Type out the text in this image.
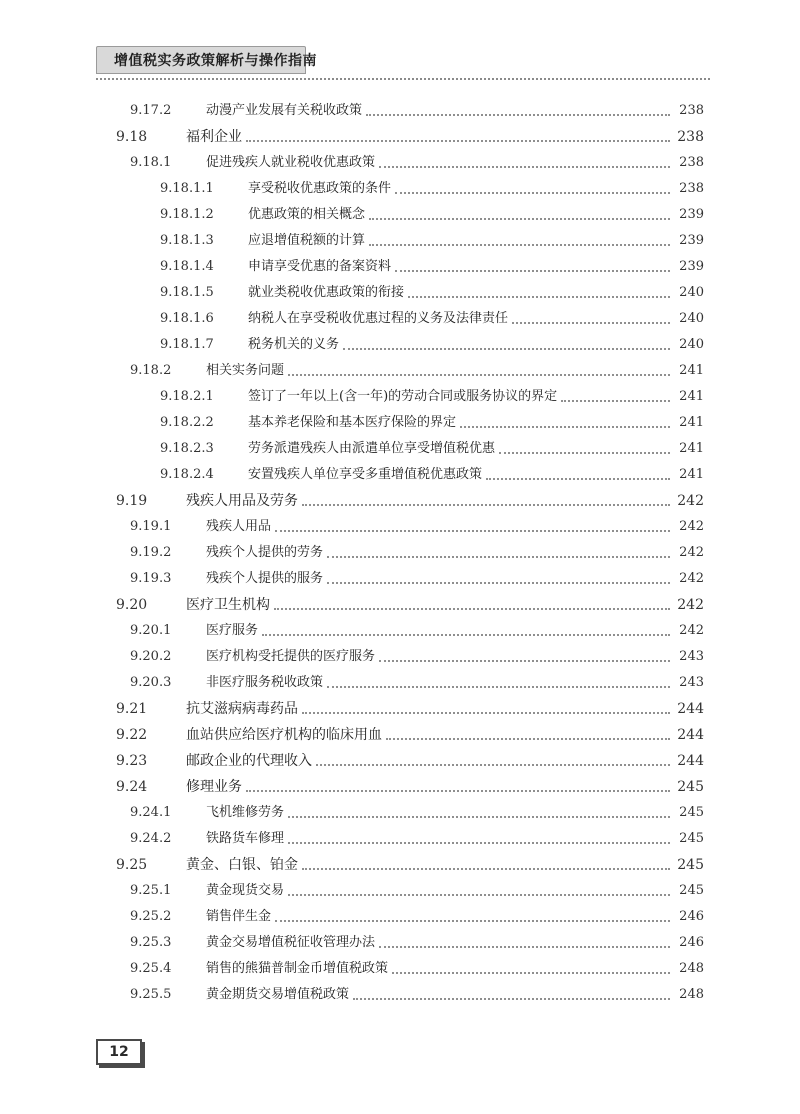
增值税实务政策解析与操作指南
9.17.2	动漫产业发展有关税收政策	238
9.18	福利企业	238
9.18.1	促进残疾人就业税收优惠政策	238
9.18.1.1	享受税收优惠政策的条件	238
9.18.1.2	优惠政策的相关概念	239
9.18.1.3	应退增值税额的计算	239
9.18.1.4	申请享受优惠的备案资料	239
9.18.1.5	就业类税收优惠政策的衔接	240
9.18.1.6	纳税人在享受税收优惠过程的义务及法律责任	240
9.18.1.7	税务机关的义务	240
9.18.2	相关实务问题	241
9.18.2.1	签订了一年以上(含一年)的劳动合同或服务协议的界定	241
9.18.2.2	基本养老保险和基本医疗保险的界定	241
9.18.2.3	劳务派遣残疾人由派遣单位享受增值税优惠	241
9.18.2.4	安置残疾人单位享受多重增值税优惠政策	241
9.19	残疾人用品及劳务	242
9.19.1	残疾人用品	242
9.19.2	残疾个人提供的劳务	242
9.19.3	残疾个人提供的服务	242
9.20	医疗卫生机构	242
9.20.1	医疗服务	242
9.20.2	医疗机构受托提供的医疗服务	243
9.20.3	非医疗服务税收政策	243
9.21	抗艾滋病病毒药品	244
9.22	血站供应给医疗机构的临床用血	244
9.23	邮政企业的代理收入	244
9.24	修理业务	245
9.24.1	飞机维修劳务	245
9.24.2	铁路货车修理	245
9.25	黄金、白银、铂金	245
9.25.1	黄金现货交易	245
9.25.2	销售伴生金	246
9.25.3	黄金交易增值税征收管理办法	246
9.25.4	销售的熊猫普制金币增值税政策	248
9.25.5	黄金期货交易增值税政策	248
12
